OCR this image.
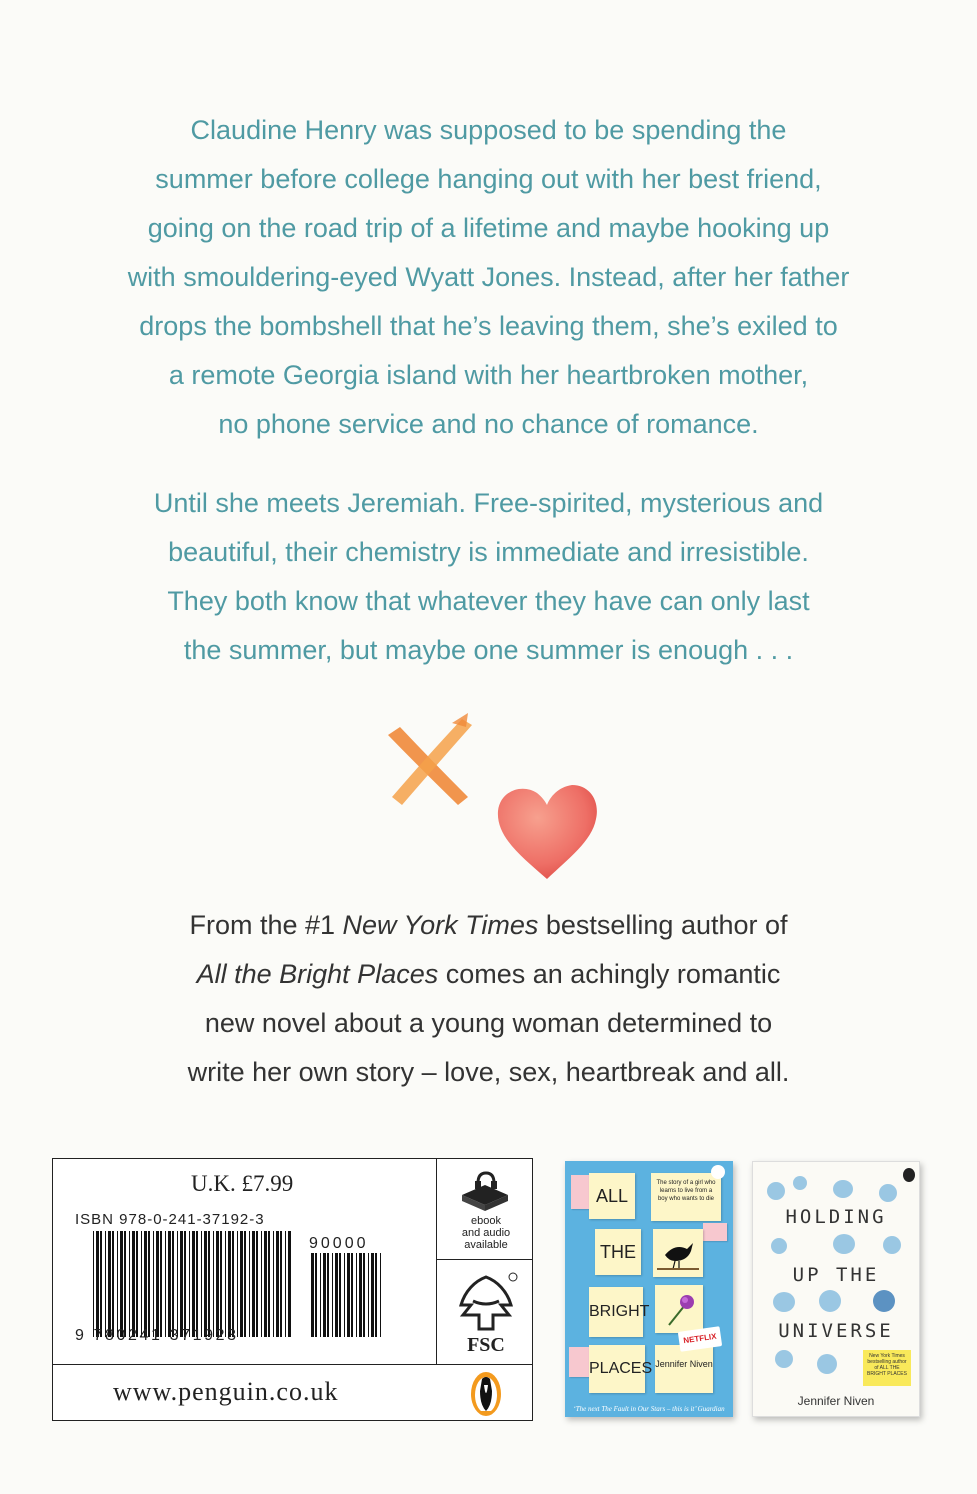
Claudine Henry was supposed to be spending the

summer before college hanging out with her best friend,

going on the road trip of a lifetime and maybe hooking up

with smouldering-eyed Wyatt Jones. Instead, after her father

drops the bombshell that he’s leaving them, she’s exiled to

a remote Georgia island with her heartbroken mother,

no phone service and no chance of romance.

Until she meets Jeremiah. Free-spirited, mysterious and

beautiful, their chemistry is immediate and irresistible.

They both know that whatever they have can only last

the summer, but maybe one summer is enough . . .

From the #1 New York Times bestselling author of

All the Bright Places comes an achingly romantic

new novel about a young woman determined to

write her own story – love, sex, heartbreak and all.

U.K. £7.99
ISBN 978-0-241-37192-3
90000
9 780241 371923
www.penguin.co.uk
ebook
and audio
available
FSC
ALL
The story of a girl who learns to live from a boy who wants to die
THE
BRIGHT
PLACES Jennifer Niven
NETFLIX
‘The next The Fault in Our Stars – this is it’ Guardian
HOLDING
UP THE
UNIVERSE
New York Times bestselling author of ALL THE BRIGHT PLACES
Jennifer Niven
